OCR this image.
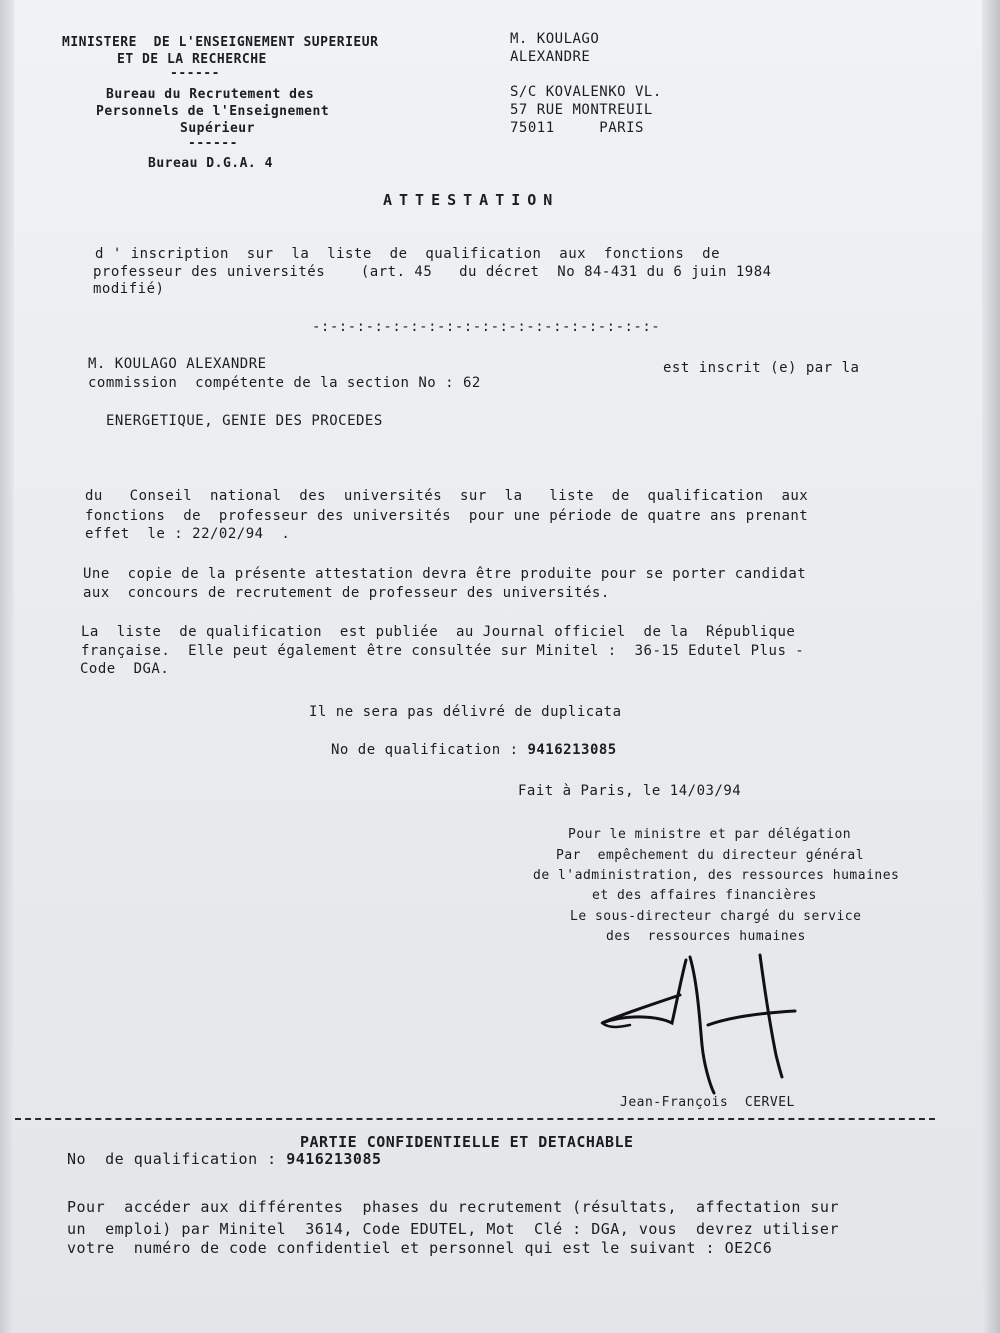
MINISTERE  DE L'ENSEIGNEMENT SUPERIEUR
ET DE LA RECHERCHE
------
Bureau du Recrutement des
Personnels de l'Enseignement
Supérieur
------
Bureau D.G.A. 4
M. KOULAGO
ALEXANDRE
S/C KOVALENKO VL.
57 RUE MONTREUIL
75011     PARIS
ATTESTATION
d ' inscription  sur  la  liste  de  qualification  aux  fonctions  de
professeur des universités    (art. 45   du décret  No 84-431 du 6 juin 1984
modifié)
-:-:-:-:-:-:-:-:-:-:-:-:-:-:-:-:-:-:-:-
M. KOULAGO ALEXANDRE	est inscrit (e) par la
commission  compétente de la section No : 62
ENERGETIQUE, GENIE DES PROCEDES
du   Conseil  national  des  universités  sur  la   liste  de  qualification  aux
fonctions  de  professeur des universités  pour une période de quatre ans prenant
effet  le : 22/02/94  .
Une  copie de la présente attestation devra être produite pour se porter candidat
aux  concours de recrutement de professeur des universités.
La  liste  de qualification  est publiée  au Journal officiel  de la  République
française.  Elle peut également être consultée sur Minitel :  36-15 Edutel Plus -
Code  DGA.
Il ne sera pas délivré de duplicata
No de qualification : 9416213085
Fait à Paris, le 14/03/94
Pour le ministre et par délégation
Par  empêchement du directeur général
de l'administration, des ressources humaines
et des affaires financières
Le sous-directeur chargé du service
des  ressources humaines
Jean-François  CERVEL
PARTIE CONFIDENTIELLE ET DETACHABLE
No  de qualification : 9416213085
Pour  accéder aux différentes  phases du recrutement (résultats,  affectation sur
un  emploi) par Minitel  3614, Code EDUTEL, Mot  Clé : DGA, vous  devrez utiliser
votre  numéro de code confidentiel et personnel qui est le suivant : OE2C6
